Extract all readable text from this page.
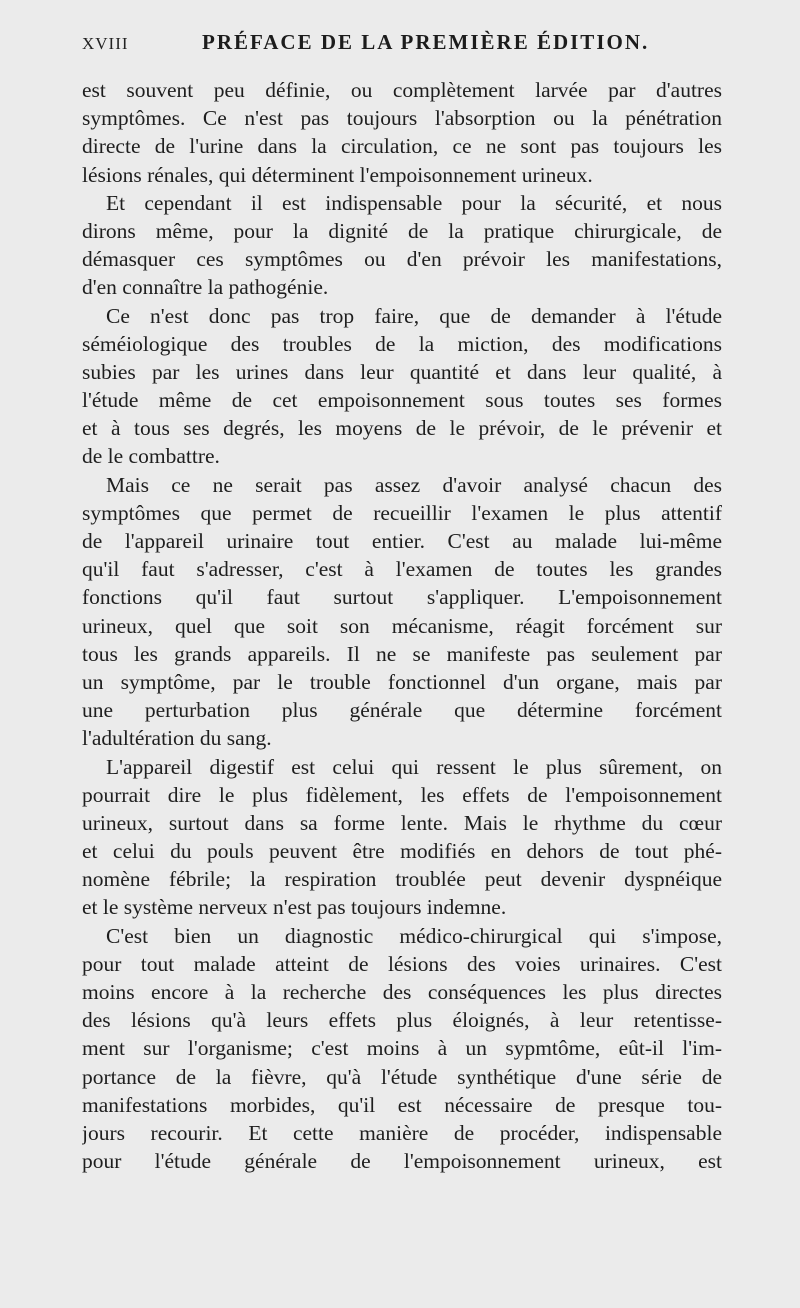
XVIII	PRÉFACE DE LA PREMIÈRE ÉDITION.
est souvent peu définie, ou complètement larvée par d'autres
symptômes. Ce n'est pas toujours l'absorption ou la pénétration
directe de l'urine dans la circulation, ce ne sont pas toujours les
lésions rénales, qui déterminent l'empoisonnement urineux.
Et cependant il est indispensable pour la sécurité, et nous
dirons même, pour la dignité de la pratique chirurgicale, de
démasquer ces symptômes ou d'en prévoir les manifestations,
d'en connaître la pathogénie.
Ce n'est donc pas trop faire, que de demander à l'étude
séméiologique des troubles de la miction, des modifications
subies par les urines dans leur quantité et dans leur qualité, à
l'étude même de cet empoisonnement sous toutes ses formes
et à tous ses degrés, les moyens de le prévoir, de le prévenir et
de le combattre.
Mais ce ne serait pas assez d'avoir analysé chacun des
symptômes que permet de recueillir l'examen le plus attentif
de l'appareil urinaire tout entier. C'est au malade lui-même
qu'il faut s'adresser, c'est à l'examen de toutes les grandes
fonctions qu'il faut surtout s'appliquer. L'empoisonnement
urineux, quel que soit son mécanisme, réagit forcément sur
tous les grands appareils. Il ne se manifeste pas seulement par
un symptôme, par le trouble fonctionnel d'un organe, mais par
une perturbation plus générale que détermine forcément
l'adultération du sang.
L'appareil digestif est celui qui ressent le plus sûrement, on
pourrait dire le plus fidèlement, les effets de l'empoisonnement
urineux, surtout dans sa forme lente. Mais le rhythme du cœur
et celui du pouls peuvent être modifiés en dehors de tout phé-
nomène fébrile; la respiration troublée peut devenir dyspnéique
et le système nerveux n'est pas toujours indemne.
C'est bien un diagnostic médico-chirurgical qui s'impose,
pour tout malade atteint de lésions des voies urinaires. C'est
moins encore à la recherche des conséquences les plus directes
des lésions qu'à leurs effets plus éloignés, à leur retentisse-
ment sur l'organisme; c'est moins à un sypmtôme, eût-il l'im-
portance de la fièvre, qu'à l'étude synthétique d'une série de
manifestations morbides, qu'il est nécessaire de presque tou-
jours recourir. Et cette manière de procéder, indispensable
pour l'étude générale de l'empoisonnement urineux, est
